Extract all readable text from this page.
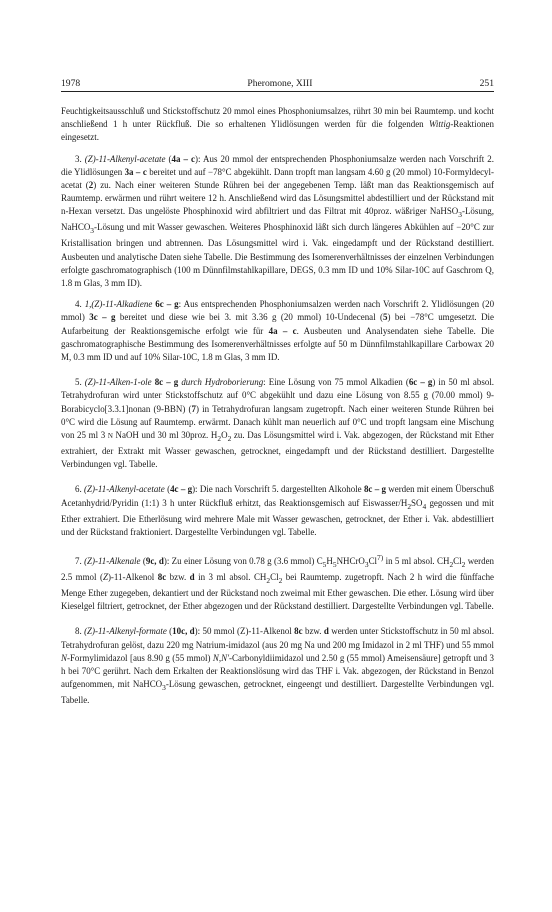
1978	Pheromone, XIII	251

Feuchtigkeitsausschluß und Stickstoffschutz 20 mmol eines Phosphoniumsalzes, rührt 30 min bei Raumtemp. und kocht anschließend 1 h unter Rückfluß. Die so erhaltenen Ylidlösungen werden für die folgenden Wittig-Reaktionen eingesetzt.

3. (Z)-11-Alkenyl-acetate (4a – c): Aus 20 mmol der entsprechenden Phosphoniumsalze werden nach Vorschrift 2. die Ylidlösungen 3a – c bereitet und auf −78°C abgekühlt. Dann tropft man langsam 4.60 g (20 mmol) 10-Formyldecyl-acetat (2) zu. Nach einer weiteren Stunde Rühren bei der angegebenen Temp. läßt man das Reaktionsgemisch auf Raumtemp. erwärmen und rührt weitere 12 h. Anschließend wird das Lösungsmittel abdestilliert und der Rückstand mit n-Hexan versetzt. Das ungelöste Phosphinoxid wird abfiltriert und das Filtrat mit 40proz. wäßriger NaHSO$_3$-Lösung, NaHCO$_3$-Lösung und mit Wasser gewaschen. Weiteres Phosphinoxid läßt sich durch längeres Abkühlen auf −20°C zur Kristallisation bringen und abtrennen. Das Lösungsmittel wird i. Vak. eingedampft und der Rückstand destilliert. Ausbeuten und analytische Daten siehe Tabelle. Die Bestimmung des Isomerenverhältnisses der einzelnen Verbindungen erfolgte gaschromatographisch (100 m Dünnfilmstahlkapillare, DEGS, 0.3 mm ID und 10% Silar-10C auf Gaschrom Q, 1.8 m Glas, 3 mm ID).

4. 1,(Z)-11-Alkadiene 6c – g: Aus entsprechenden Phosphoniumsalzen werden nach Vorschrift 2. Ylidlösungen (20 mmol) 3c – g bereitet und diese wie bei 3. mit 3.36 g (20 mmol) 10-Undecenal (5) bei −78°C umgesetzt. Die Aufarbeitung der Reaktionsgemische erfolgt wie für 4a – c. Ausbeuten und Analysendaten siehe Tabelle. Die gaschromatographische Bestimmung des Isomerenverhältnisses erfolgte auf 50 m Dünnfilmstahlkapillare Carbowax 20 M, 0.3 mm ID und auf 10% Silar-10C, 1.8 m Glas, 3 mm ID.

5. (Z)-11-Alken-1-ole 8c – g durch Hydroborierung: Eine Lösung von 75 mmol Alkadien (6c – g) in 50 ml absol. Tetrahydrofuran wird unter Stickstoffschutz auf 0°C abgekühlt und dazu eine Lösung von 8.55 g (70.00 mmol) 9-Borabicyclo[3.3.1]nonan (9-BBN) (7) in Tetrahydrofuran langsam zugetropft. Nach einer weiteren Stunde Rühren bei 0°C wird die Lösung auf Raumtemp. erwärmt. Danach kühlt man neuerlich auf 0°C und tropft langsam eine Mischung von 25 ml 3 N NaOH und 30 ml 30proz. $H_2O_2$ zu. Das Lösungsmittel wird i. Vak. abgezogen, der Rückstand mit Ether extrahiert, der Extrakt mit Wasser gewaschen, getrocknet, eingedampft und der Rückstand destilliert. Dargestellte Verbindungen vgl. Tabelle.

6. (Z)-11-Alkenyl-acetate (4c – g): Die nach Vorschrift 5. dargestellten Alkohole 8c – g werden mit einem Überschuß Acetanhydrid/Pyridin (1:1) 3 h unter Rückfluß erhitzt, das Reaktionsgemisch auf Eiswasser/$H_2SO_4$ gegossen und mit Ether extrahiert. Die Etherlösung wird mehrere Male mit Wasser gewaschen, getrocknet, der Ether i. Vak. abdestilliert und der Rückstand fraktioniert. Dargestellte Verbindungen vgl. Tabelle.

7. (Z)-11-Alkenale (9c, d): Zu einer Lösung von 0.78 g (3.6 mmol) $C_5H_5NHCrO_3Cl^{7)}$ in 5 ml absol. $CH_2Cl_2$ werden 2.5 mmol (Z)-11-Alkenol 8c bzw. d in 3 ml absol. $CH_2Cl_2$ bei Raumtemp. zugetropft. Nach 2 h wird die fünffache Menge Ether zugegeben, dekantiert und der Rückstand noch zweimal mit Ether gewaschen. Die ether. Lösung wird über Kieselgel filtriert, getrocknet, der Ether abgezogen und der Rückstand destilliert. Dargestellte Verbindungen vgl. Tabelle.

8. (Z)-11-Alkenyl-formate (10c, d): 50 mmol (Z)-11-Alkenol 8c bzw. d werden unter Stickstoffschutz in 50 ml absol. Tetrahydrofuran gelöst, dazu 220 mg Natrium-imidazol (aus 20 mg Na und 200 mg Imidazol in 2 ml THF) und 55 mmol N-Formylimidazol [aus 8.90 g (55 mmol) N,N′-Carbonyldiimidazol und 2.50 g (55 mmol) Ameisensäure] getropft und 3 h bei 70°C gerührt. Nach dem Erkalten der Reaktionslösung wird das THF i. Vak. abgezogen, der Rückstand in Benzol aufgenommen, mit NaHCO$_3$-Lösung gewaschen, getrocknet, eingeengt und destilliert. Dargestellte Verbindungen vgl. Tabelle.
